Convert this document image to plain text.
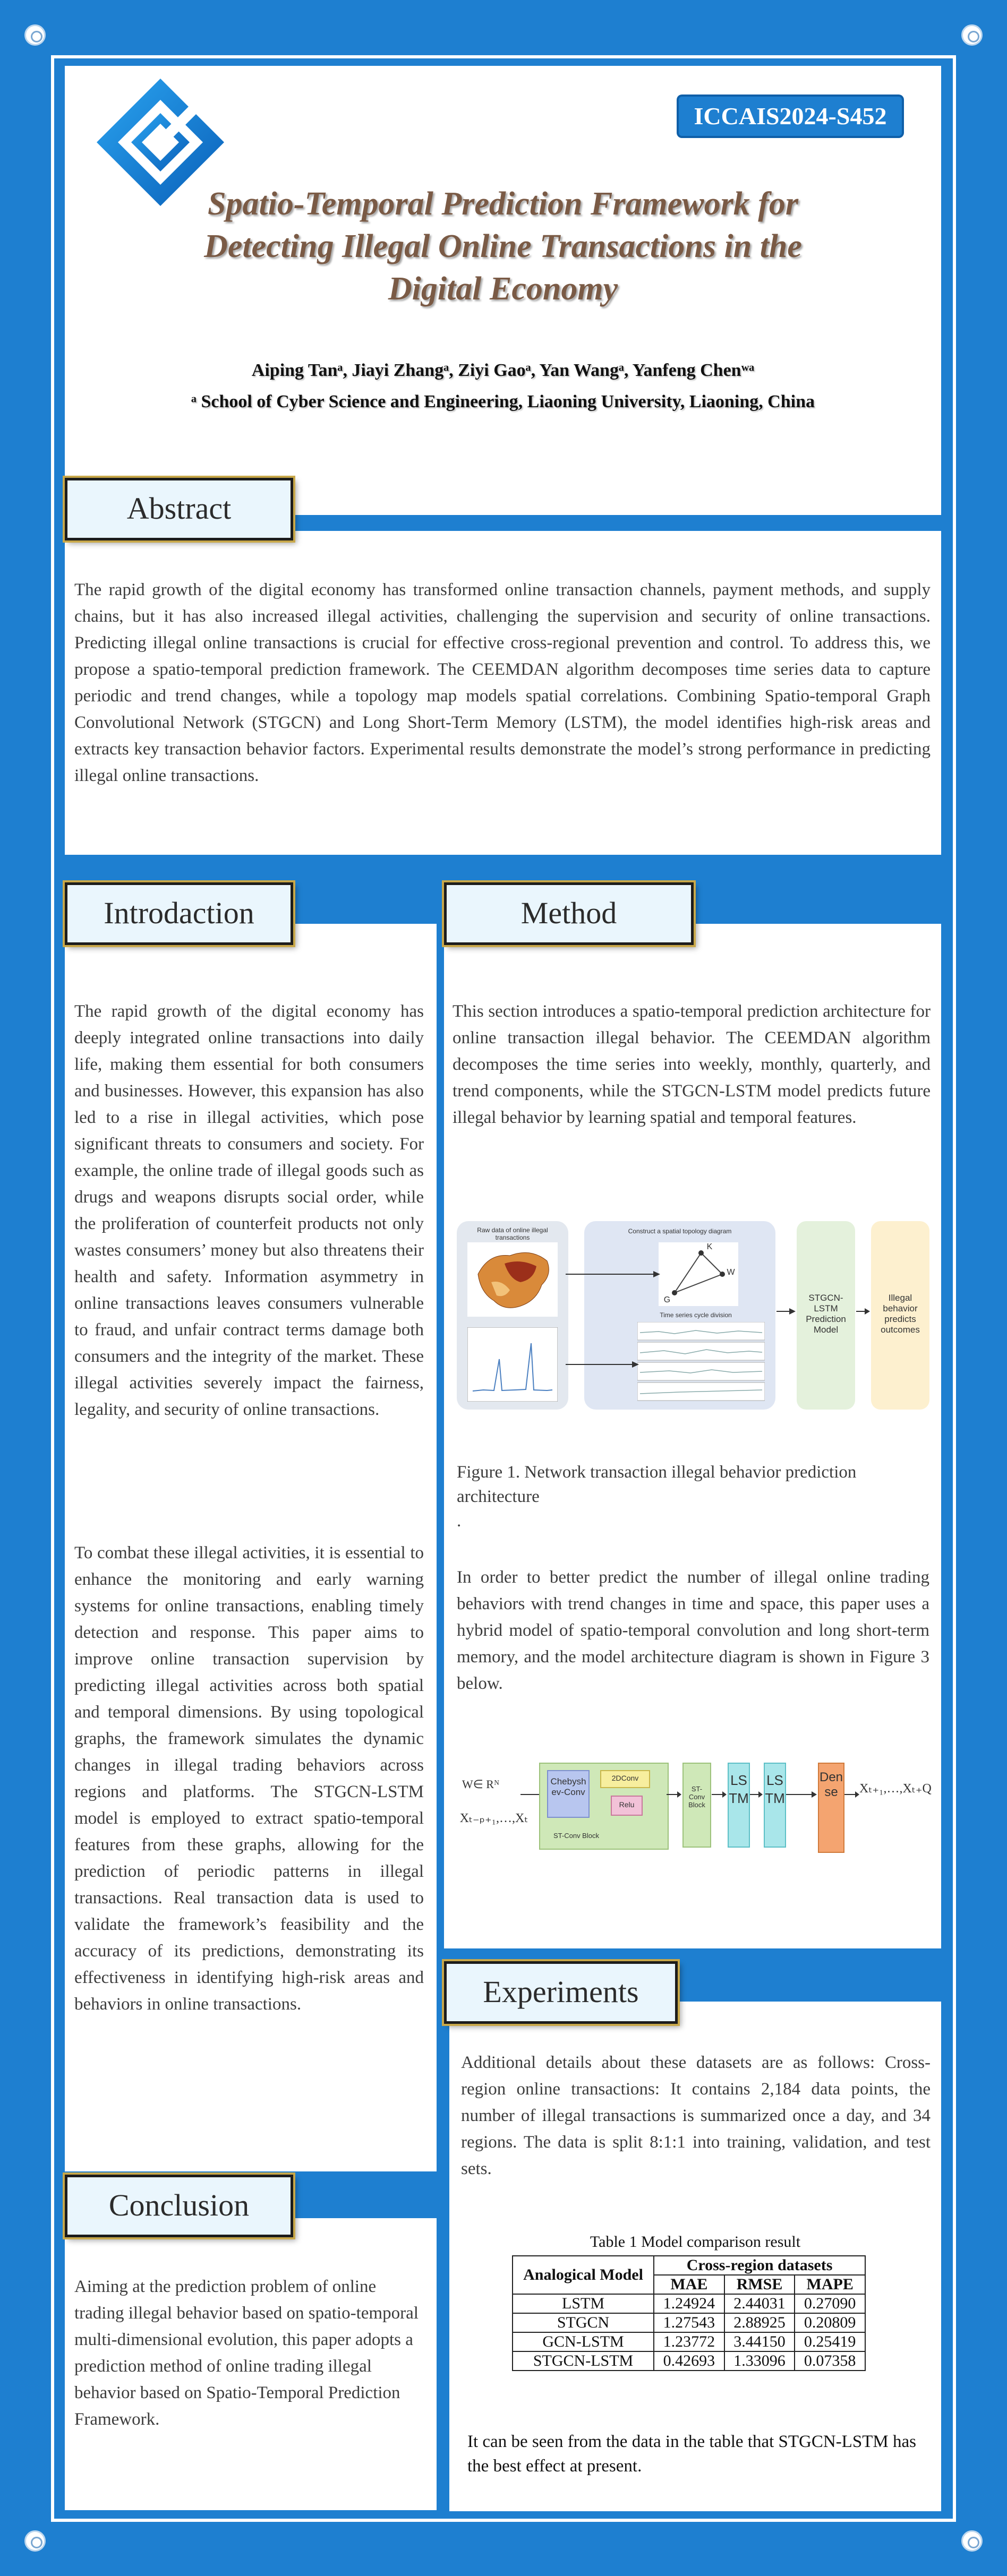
ICCAIS2024-S452
Spatio-Temporal Prediction Framework for
Detecting Illegal Online Transactions in the
Digital Economy
Aiping Tanᵃ, Jiayi Zhangᵃ, Ziyi Gaoᵃ, Yan Wangᵃ, Yanfeng Chenʷᵃ
ᵃ School of Cyber Science and Engineering, Liaoning University, Liaoning, China
The rapid growth of the digital economy has transformed online transaction channels, payment methods, and supply chains, but it has also increased illegal activities, challenging the supervision and security of online transactions. Predicting illegal online transactions is crucial for effective cross-regional prevention and control. To address this, we propose a spatio-temporal prediction framework. The CEEMDAN algorithm decomposes time series data to capture periodic and trend changes, while a topology map models spatial correlations. Combining Spatio-temporal Graph Convolutional Network (STGCN) and Long Short-Term Memory (LSTM), the model identifies high-risk areas and extracts key transaction behavior factors. Experimental results demonstrate the model’s strong performance in predicting illegal online transactions.
Abstract
The rapid growth of the digital economy has deeply integrated online transactions into daily life, making them essential for both consumers and businesses. However, this expansion has also led to a rise in illegal activities, which pose significant threats to consumers and society. For example, the online trade of illegal goods such as drugs and weapons disrupts social order, while the proliferation of counterfeit products not only wastes consumers’ money but also threatens their health and safety. Information asymmetry in online transactions leaves consumers vulnerable to fraud, and unfair contract terms damage both consumers and the integrity of the market. These illegal activities severely impact the fairness, legality, and security of online transactions.
To combat these illegal activities, it is essential to enhance the monitoring and early warning systems for online transactions, enabling timely detection and response. This paper aims to improve online transaction supervision by predicting illegal activities across both spatial and temporal dimensions. By using topological graphs, the framework simulates the dynamic changes in illegal trading behaviors across regions and platforms. The STGCN-LSTM model is employed to extract spatio-temporal features from these graphs, allowing for the prediction of periodic patterns in illegal transactions. Real transaction data is used to validate the framework’s feasibility and the accuracy of its predictions, demonstrating its effectiveness in identifying high-risk areas and behaviors in online transactions.
Introdaction
Aiming at the prediction problem of online trading illegal behavior based on spatio-temporal multi-dimensional evolution, this paper adopts a prediction method of online trading illegal behavior based on Spatio-Temporal Prediction Framework.
Conclusion
This section introduces a spatio-temporal prediction architecture for online transaction illegal behavior. The CEEMDAN algorithm decomposes the time series into weekly, monthly, quarterly, and trend components, while the STGCN-LSTM model predicts future illegal behavior by learning spatial and temporal features.
Raw data of online illegal transactions
Construct a spatial topology diagram
K
W
G
Time series cycle division
STGCN-LSTM Prediction Model
Illegal behavior predicts outcomes
Figure 1. Network transaction illegal behavior prediction architecture
.
In order to better predict the number of illegal online trading behaviors with trend changes in time and space, this paper uses a hybrid model of spatio-temporal convolution and long short-term memory, and the model architecture diagram is shown in Figure 3 below.
W∈ Rᴺ
Xₜ₋ₚ₊₁,…,Xₜ
Chebysh ev-Conv
2DConv
Relu
ST-Conv Block
ST-Conv Block
LSTM
LSTM
Dense	Xₜ₊₁,…,Xₜ₊Q
Method
Additional details about these datasets are as follows: Cross-region online transactions: It contains 2,184 data points, the number of illegal transactions is summarized once a day, and 34 regions. The data is split 8:1:1 into training, validation, and test sets.
Table 1 Model comparison result
Analogical Model	Cross-region datasets		
	MAE	RMSE	MAPE
LSTM	1.24924	2.44031	0.27090
STGCN	1.27543	2.88925	0.20809
GCN-LSTM	1.23772	3.44150	0.25419
STGCN-LSTM	0.42693	1.33096	0.07358
It can be seen from the data in the table that STGCN-LSTM has the best effect at present.
Experiments
